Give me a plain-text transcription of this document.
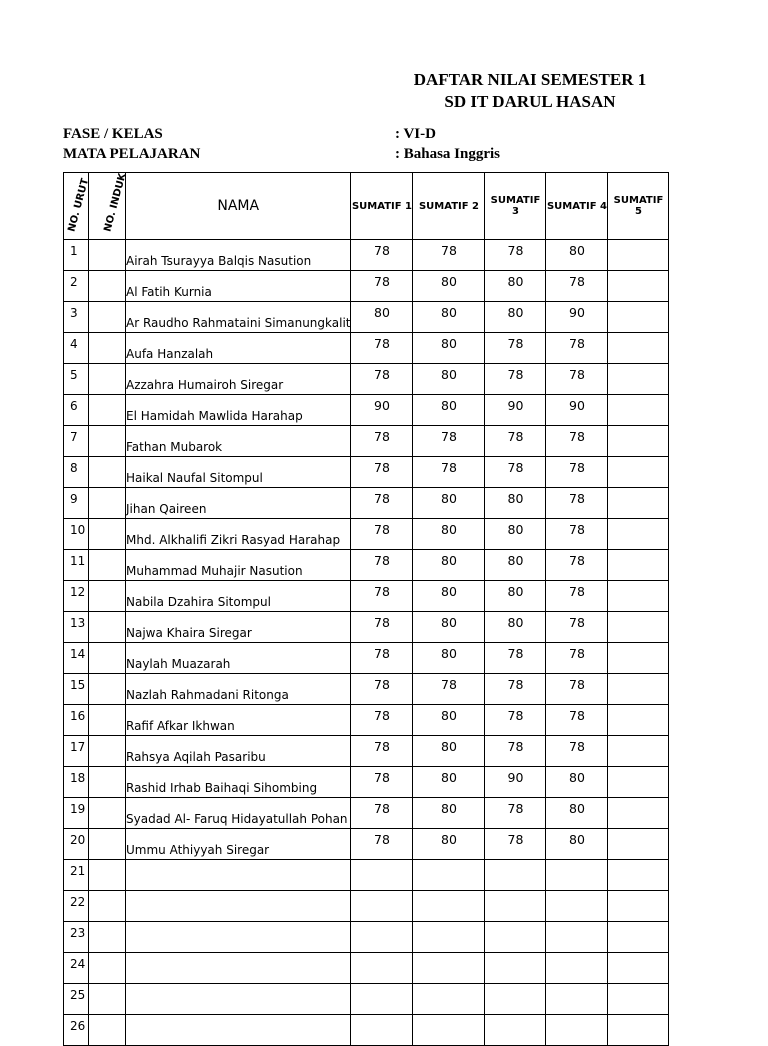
DAFTAR NILAI SEMESTER 1
SD IT DARUL HASAN
FASE / KELAS	: VI-D
MATA PELAJARAN	: Bahasa Inggris
NO. URUT	NO. INDUK	NAMA	SUMATIF 1	SUMATIF 2	SUMATIF 3	SUMATIF 4	SUMATIF 5
1		Airah Tsurayya Balqis Nasution	78	78	78	80	
2		Al Fatih Kurnia	78	80	80	78	
3		Ar Raudho Rahmataini Simanungkalit	80	80	80	90	
4		Aufa Hanzalah	78	80	78	78	
5		Azzahra Humairoh Siregar	78	80	78	78	
6		El Hamidah Mawlida Harahap	90	80	90	90	
7		Fathan Mubarok	78	78	78	78	
8		Haikal Naufal Sitompul	78	78	78	78	
9		Jihan Qaireen	78	80	80	78	
10		Mhd. Alkhalifi Zikri Rasyad Harahap	78	80	80	78	
11		Muhammad Muhajir Nasution	78	80	80	78	
12		Nabila Dzahira Sitompul	78	80	80	78	
13		Najwa Khaira Siregar	78	80	80	78	
14		Naylah Muazarah	78	80	78	78	
15		Nazlah Rahmadani Ritonga	78	78	78	78	
16		Rafif Afkar Ikhwan	78	80	78	78	
17		Rahsya Aqilah Pasaribu	78	80	78	78	
18		Rashid Irhab Baihaqi Sihombing	78	80	90	80	
19		Syadad Al- Faruq Hidayatullah Pohan	78	80	78	80	
20		Ummu Athiyyah Siregar	78	80	78	80	
21							
22							
23							
24							
25							
26							
